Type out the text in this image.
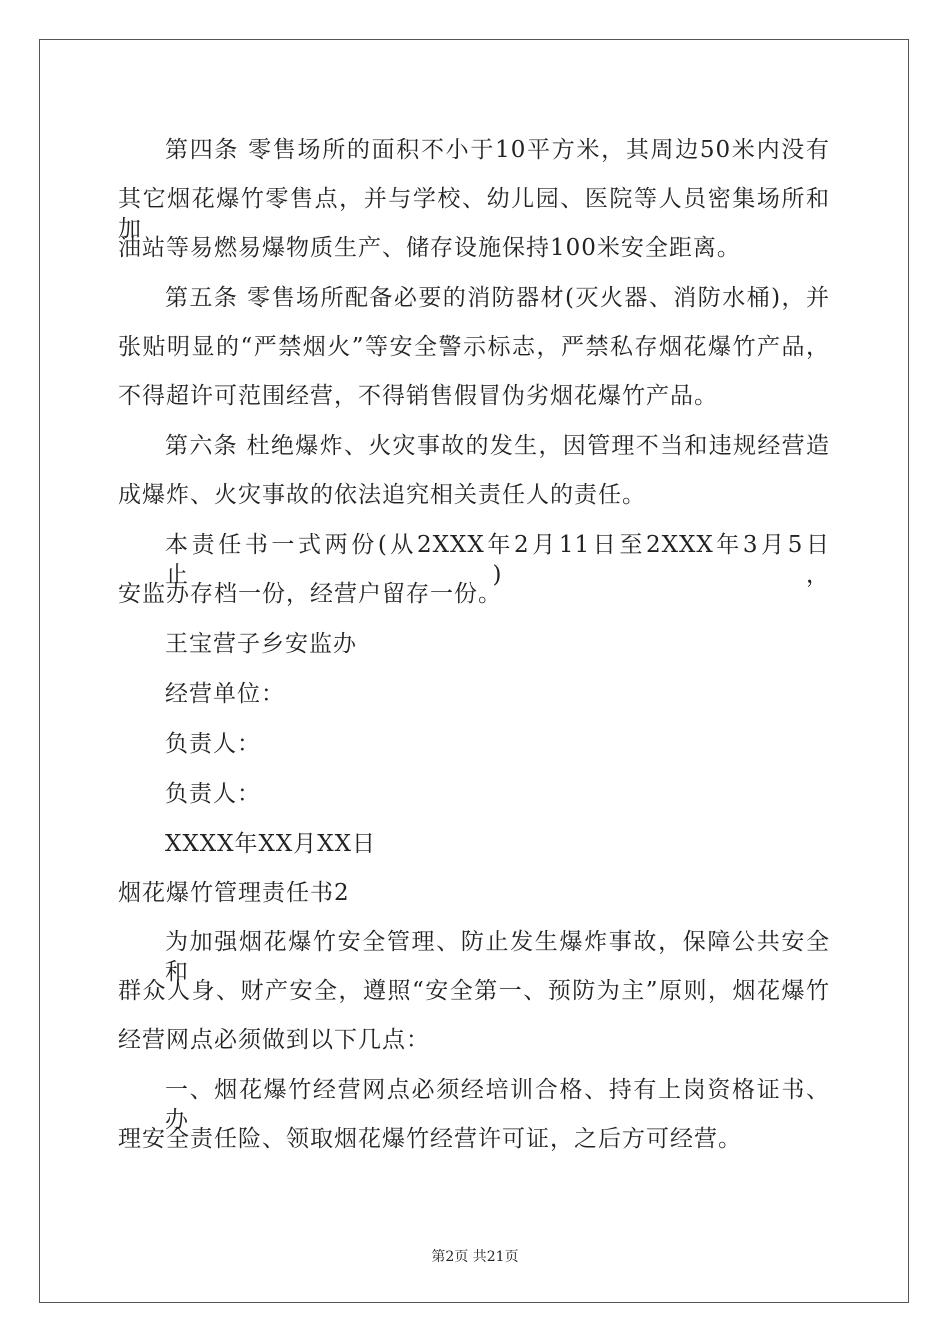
第四条 零售场所的面积不小于10平方米，其周边50米内没有
其它烟花爆竹零售点，并与学校、幼儿园、医院等人员密集场所和加
油站等易燃易爆物质生产、储存设施保持100米安全距离。
第五条 零售场所配备必要的消防器材(灭火器、消防水桶)，并
张贴明显的“严禁烟火”等安全警示标志，严禁私存烟花爆竹产品，
不得超许可范围经营，不得销售假冒伪劣烟花爆竹产品。
第六条 杜绝爆炸、火灾事故的发生，因管理不当和违规经营造
成爆炸、火灾事故的依法追究相关责任人的责任。
本责任书一式两份(从2XXX年2月11日至2XXX年3月5日止)，
安监办存档一份，经营户留存一份。
王宝营子乡安监办
经营单位：
负责人：
负责人：
XXXX年XX月XX日
烟花爆竹管理责任书2
为加强烟花爆竹安全管理、防止发生爆炸事故，保障公共安全和
群众人身、财产安全，遵照“安全第一、预防为主”原则，烟花爆竹
经营网点必须做到以下几点：
一、烟花爆竹经营网点必须经培训合格、持有上岗资格证书、办
理安全责任险、领取烟花爆竹经营许可证，之后方可经营。
第2页 共21页
